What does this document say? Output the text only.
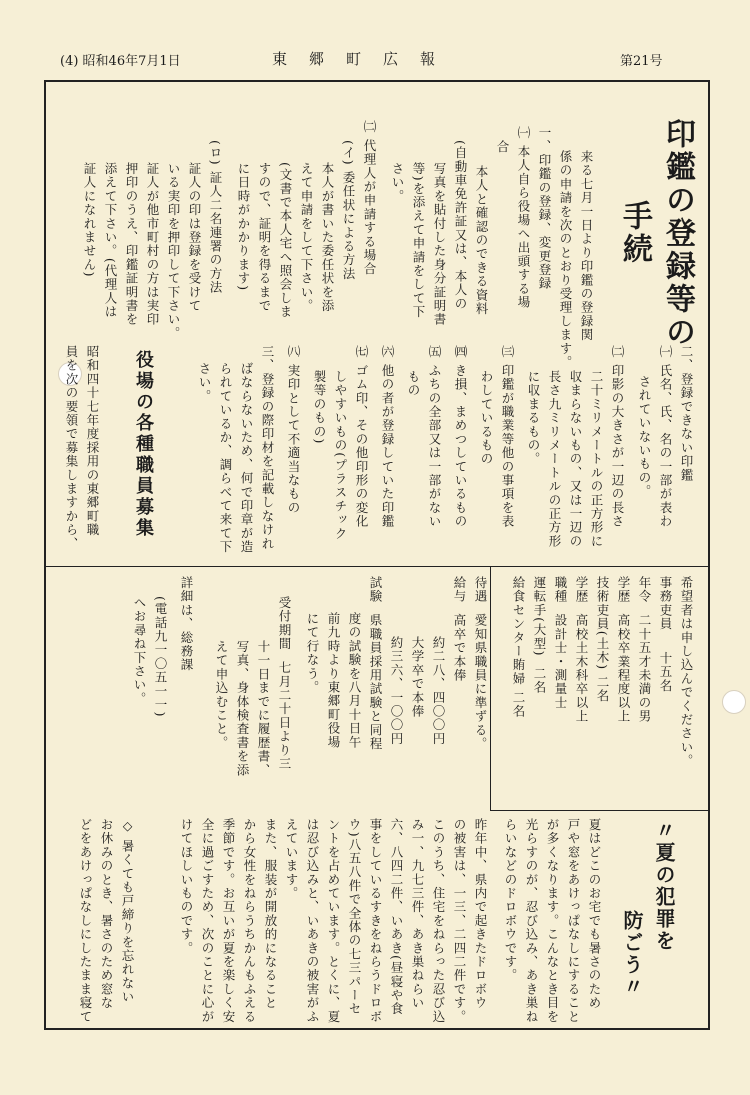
(4) 昭和46年7月1日	東郷町広報	第21号
印鑑の登録等の
手続
来る七月一日より印鑑の登録関
係の申請を次のとおり受理します。
一、印鑑の登録、変更登録
㈠ 本人自ら役場へ出頭する場
合
本人と確認のできる資料
(自動車免許証又は、本人の
写真を貼付した身分証明書
等)を添えて申請をして下
さい。
㈡ 代理人が申請する場合
(イ) 委任状による方法
本人が書いた委任状を添
えて申請をして下さい。
(文書で本人宅へ照会しま
すので、証明を得るまで
に日時がかかります)
(ロ) 証人二名連署の方法
証人の印は登録を受けて
いる実印を押印して下さい。
証人が他市町村の方は実印
押印のうえ、印鑑証明書を
添えて下さい。(代理人は
証人になれません)
二、登録できない印鑑
㈠ 氏名、氏、名の一部が表わ
されていないもの。
㈡ 印影の大きさが一辺の長さ
二十ミリメートルの正方形に
収まらないもの、又は一辺の
長さ九ミリメートルの正方形
に収まるもの。
㈢ 印鑑が職業等他の事項を表
わしているもの
㈣ き損、まめつしているもの
㈤ ふちの全部又は一部がない
もの
㈥ 他の者が登録していた印鑑
㈦ ゴム印、その他印形の変化
しやすいもの(プラスチック
製等のもの)
㈧ 実印として不適当なもの
三、登録の際印材を記載しなけれ
ばならないため、何で印章が造
られているか、調らべて来て下
さい。
役場の各種職員募集
昭和四十七年度採用の東郷町職
員を次の要領で募集しますから、
希望者は申し込んでください。
事務吏員    十五名
年令  二十五才未満の男
学歴  高校卒業程度以上
技術吏員(土木) 二名
学歴  高校土木科卒以上
職種  設計士・測量士
運転手(大型)  二名
給食センター賄婦 二名
待遇  愛知県職員に準ずる。
給与  高卒で本俸
約二八、四〇〇円
大学卒で本俸
約三六、一〇〇円
試験  県職員採用試験と同程
度の試験を八月十日午
前九時より東郷町役場
にて行なう。
受付期間  七月二十日より三
十一日までに履歴書、
写真、身体検査書を添
えて申込むこと。
詳細は、総務課
(電話九一〇五一一)
へお尋ね下さい。
〃夏の犯罪を
防ごう〃
夏はどこのお宅でも暑さのため
戸や窓をあけっぱなしにすること
が多くなります。こんなとき目を
光らすのが、忍び込み、あき巣ね
らいなどのドロボウです。
昨年中、県内で起きたドロボウ
の被害は、一三、二四二件です。
このうち、住宅をねらった忍び込
み一、九七三件、あき巣ねらい
六、八四二件、いあき(昼寝や食
事をしているすきをねらうドロボ
ウ)八五八件で全体の七三パーセ
ントを占めています。とくに、夏
は忍び込みと、いあきの被害がふ
えています。
また、服装が開放的になること
から女性をねらうちかんもふえる
季節です。お互いが夏を楽しく安
全に過ごすため、次のことに心が
けてほしいものです。
◇ 暑くても戸締りを忘れない
お休みのとき、暑さのため窓な
どをあけっぱなしにしたまま寝て
